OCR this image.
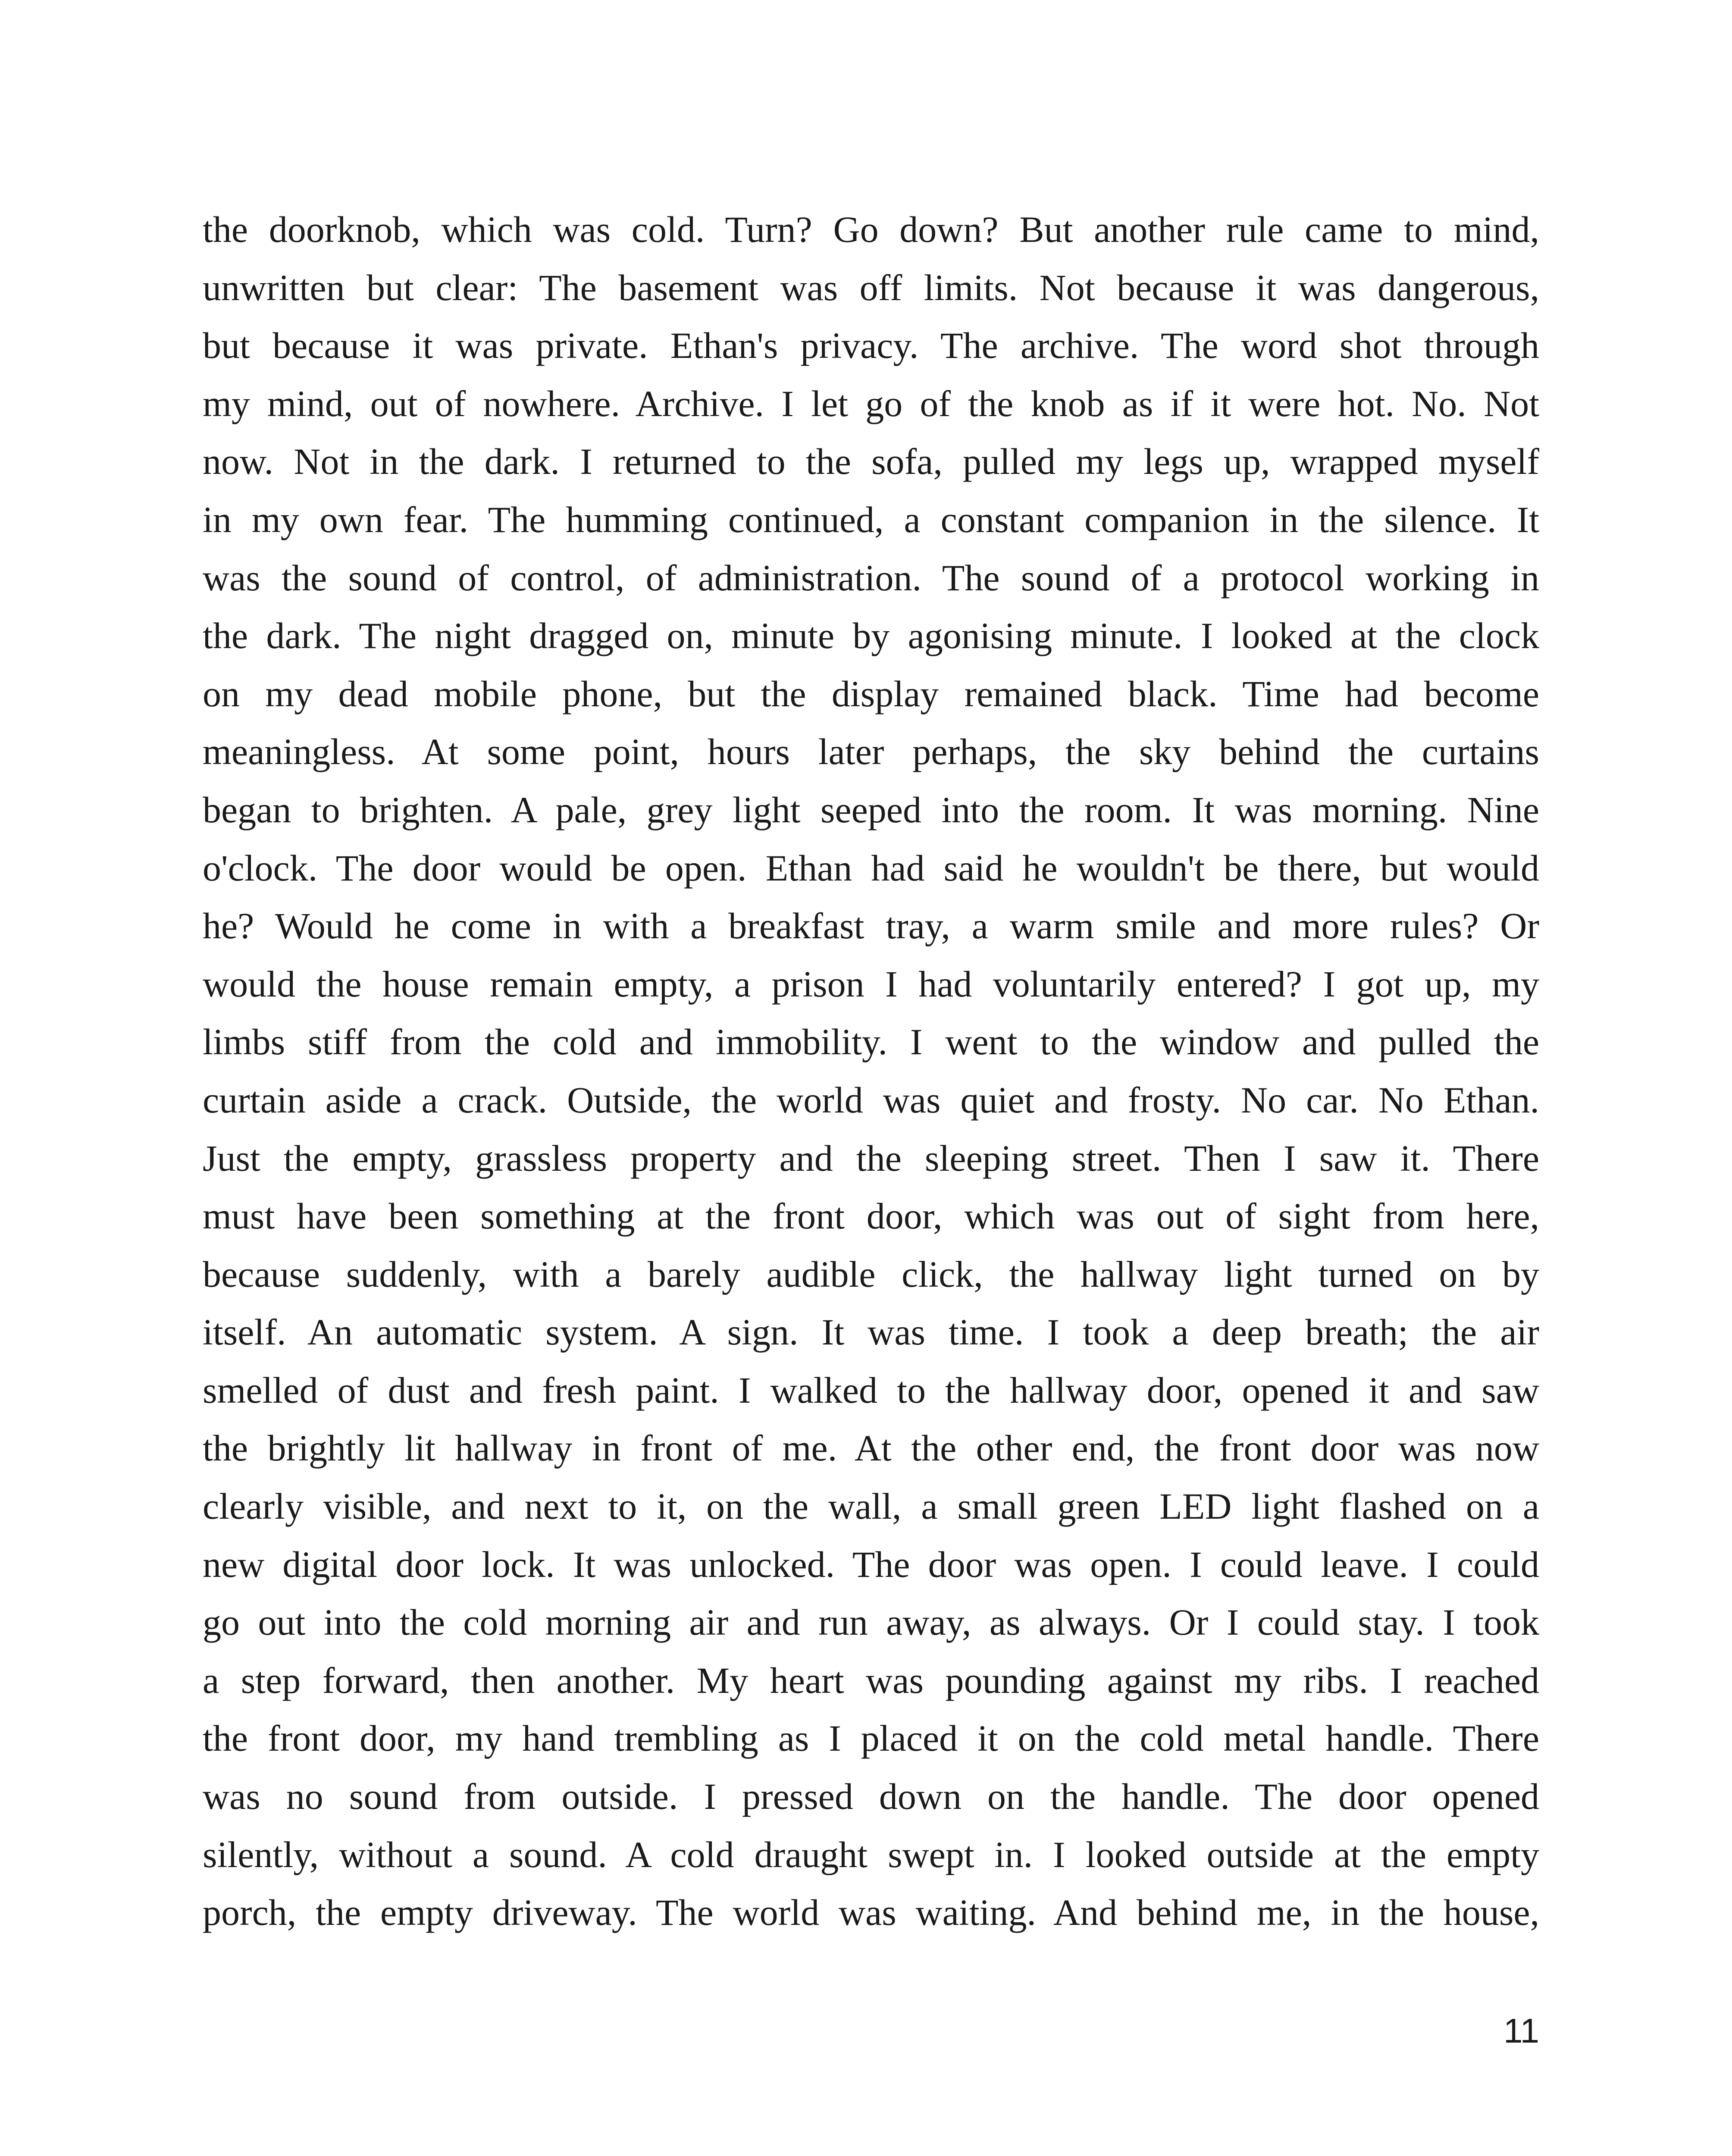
the doorknob, which was cold. Turn? Go down? But another rule came to mind,
unwritten but clear: The basement was off limits. Not because it was dangerous,
but because it was private. Ethan's privacy. The archive. The word shot through
my mind, out of nowhere. Archive. I let go of the knob as if it were hot. No. Not
now. Not in the dark. I returned to the sofa, pulled my legs up, wrapped myself
in my own fear. The humming continued, a constant companion in the silence. It
was the sound of control, of administration. The sound of a protocol working in
the dark. The night dragged on, minute by agonising minute. I looked at the clock
on my dead mobile phone, but the display remained black. Time had become
meaningless. At some point, hours later perhaps, the sky behind the curtains
began to brighten. A pale, grey light seeped into the room. It was morning. Nine
o'clock. The door would be open. Ethan had said he wouldn't be there, but would
he? Would he come in with a breakfast tray, a warm smile and more rules? Or
would the house remain empty, a prison I had voluntarily entered? I got up, my
limbs stiff from the cold and immobility. I went to the window and pulled the
curtain aside a crack. Outside, the world was quiet and frosty. No car. No Ethan.
Just the empty, grassless property and the sleeping street. Then I saw it. There
must have been something at the front door, which was out of sight from here,
because suddenly, with a barely audible click, the hallway light turned on by
itself. An automatic system. A sign. It was time. I took a deep breath; the air
smelled of dust and fresh paint. I walked to the hallway door, opened it and saw
the brightly lit hallway in front of me. At the other end, the front door was now
clearly visible, and next to it, on the wall, a small green LED light flashed on a
new digital door lock. It was unlocked. The door was open. I could leave. I could
go out into the cold morning air and run away, as always. Or I could stay. I took
a step forward, then another. My heart was pounding against my ribs. I reached
the front door, my hand trembling as I placed it on the cold metal handle. There
was no sound from outside. I pressed down on the handle. The door opened
silently, without a sound. A cold draught swept in. I looked outside at the empty
porch, the empty driveway. The world was waiting. And behind me, in the house,
11
